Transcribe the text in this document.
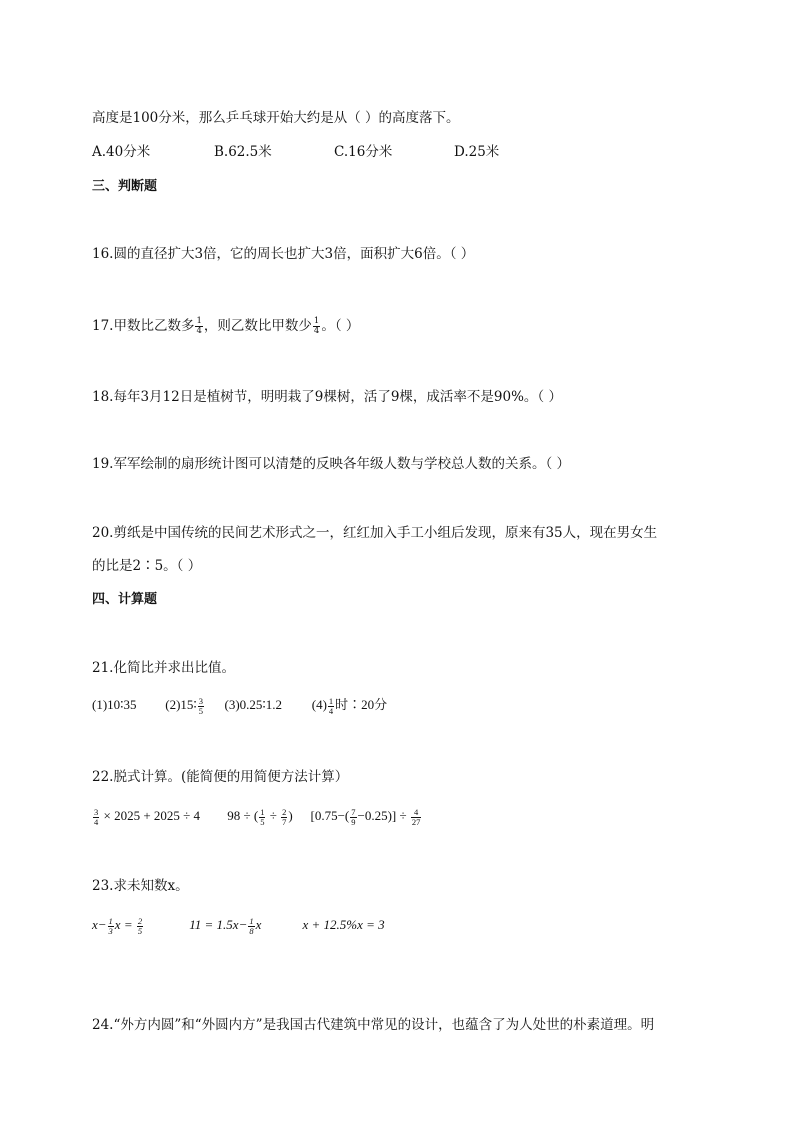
高度是100分米，那么乒乓球开始大约是从（ ）的高度落下。
A.40分米	B.62.5米	C.16分米	D.25米
三、判断题
16.圆的直径扩大3倍，它的周长也扩大3倍，面积扩大6倍。（ ）
17.甲数比乙数多 $\frac{1}{4}$ ，则乙数比甲数少 $\frac{1}{4}$ 。（ ）
18.每年3月12日是植树节，明明栽了9棵树，活了9棵，成活率不是90%。（ ）
19.军军绘制的扇形统计图可以清楚的反映各年级人数与学校总人数的关系。（ ）
20.剪纸是中国传统的民间艺术形式之一，红红加入手工小组后发现，原来有35人，现在男女生
的比是2∶5。（ ）
四、计算题
21.化简比并求出比值。
(1)10∶35 (2)15∶ $\frac{3}{5}$ (3)0.25∶1.2 $(4) \frac{1}{4}$ 时∶20分
22.脱式计算。(能简便的用简便方法计算）
$\frac{3}{4} \times 2025 + 2025 \div 4$ 98 ÷ ( $\frac{1}{5} \div \frac{2}{7}$ ) $[0.75-( \frac{7}{9} -0.25)] \div \frac{4}{27}$
23.求未知数x。
$x- \frac{1}{3}$ $x = \frac{2}{5}$	$11 = 1.5x- \frac{1}{8}$ x	x + 12.5%x = 3
24.“外方内圆”和“外圆内方”是我国古代建筑中常见的设计，也蕴含了为人处世的朴素道理。明
